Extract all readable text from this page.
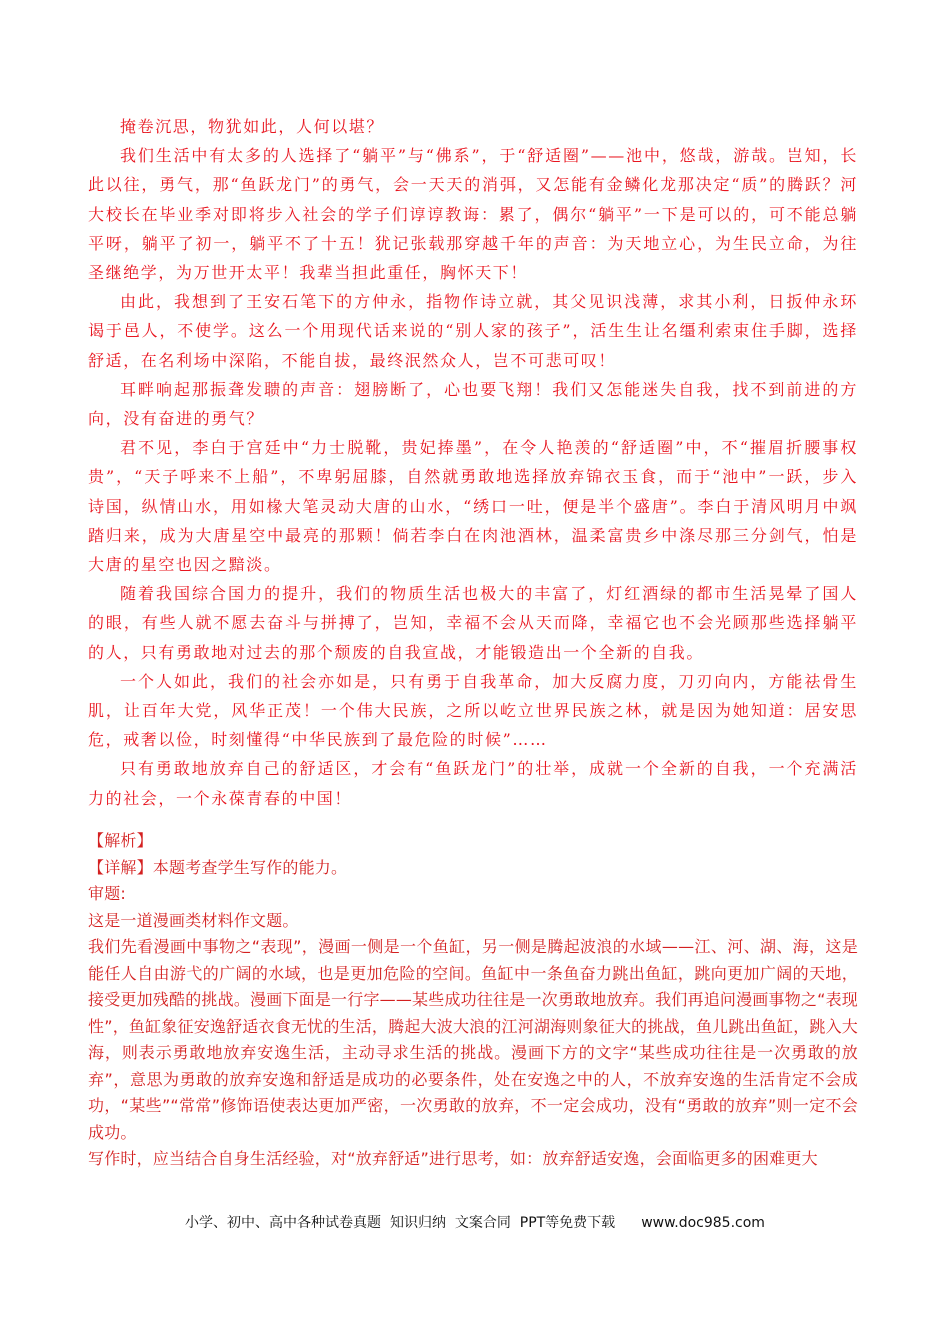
掩卷沉思，物犹如此，人何以堪？

我们生活中有太多的人选择了“躺平”与“佛系”，于“舒适圈”——池中，悠哉，游哉。岂知，长此以往，勇气，那“鱼跃龙门”的勇气，会一天天的消弭，又怎能有金鳞化龙那决定“质”的腾跃？河大校长在毕业季对即将步入社会的学子们谆谆教诲：累了，偶尔“躺平”一下是可以的，可不能总躺平呀，躺平了初一，躺平不了十五！犹记张载那穿越千年的声音：为天地立心，为生民立命，为往圣继绝学，为万世开太平！我辈当担此重任，胸怀天下！

由此，我想到了王安石笔下的方仲永，指物作诗立就，其父见识浅薄，求其小利，日扳仲永环谒于邑人，不使学。这么一个用现代话来说的“别人家的孩子”，活生生让名缰利索束住手脚，选择舒适，在名利场中深陷，不能自拔，最终泯然众人，岂不可悲可叹！

耳畔响起那振聋发聩的声音：翅膀断了，心也要飞翔！我们又怎能迷失自我，找不到前进的方向，没有奋进的勇气？

君不见，李白于宫廷中“力士脱靴，贵妃捧墨”，在令人艳羡的“舒适圈”中，不“摧眉折腰事权贵”，“天子呼来不上船”，不卑躬屈膝，自然就勇敢地选择放弃锦衣玉食，而于“池中”一跃，步入诗国，纵情山水，用如椽大笔灵动大唐的山水，“绣口一吐，便是半个盛唐”。李白于清风明月中飒踏归来，成为大唐星空中最亮的那颗！倘若李白在肉池酒林，温柔富贵乡中涤尽那三分剑气，怕是大唐的星空也因之黯淡。

随着我国综合国力的提升，我们的物质生活也极大的丰富了，灯红酒绿的都市生活晃晕了国人的眼，有些人就不愿去奋斗与拼搏了，岂知，幸福不会从天而降，幸福它也不会光顾那些选择躺平的人，只有勇敢地对过去的那个颓废的自我宣战，才能锻造出一个全新的自我。

一个人如此，我们的社会亦如是，只有勇于自我革命，加大反腐力度，刀刃向内，方能祛骨生肌，让百年大党，风华正茂！一个伟大民族，之所以屹立世界民族之林，就是因为她知道：居安思危，戒奢以俭，时刻懂得“中华民族到了最危险的时候”……

只有勇敢地放弃自己的舒适区，才会有“鱼跃龙门”的壮举，成就一个全新的自我，一个充满活力的社会，一个永葆青春的中国！

【解析】

【详解】本题考查学生写作的能力。

审题:

这是一道漫画类材料作文题。

我们先看漫画中事物之“表现”，漫画一侧是一个鱼缸，另一侧是腾起波浪的水域——江、河、湖、海，这是能任人自由游弋的广阔的水域，也是更加危险的空间。鱼缸中一条鱼奋力跳出鱼缸，跳向更加广阔的天地，接受更加残酷的挑战。漫画下面是一行字——某些成功往往是一次勇敢地放弃。我们再追问漫画事物之“表现性”，鱼缸象征安逸舒适衣食无忧的生活，腾起大波大浪的江河湖海则象征大的挑战，鱼儿跳出鱼缸，跳入大海，则表示勇敢地放弃安逸生活，主动寻求生活的挑战。漫画下方的文字“某些成功往往是一次勇敢的放弃”，意思为勇敢的放弃安逸和舒适是成功的必要条件，处在安逸之中的人，不放弃安逸的生活肯定不会成功，“某些”“常常”修饰语使表达更加严密，一次勇敢的放弃，不一定会成功，没有“勇敢的放弃”则一定不会成功。

写作时，应当结合自身生活经验，对“放弃舒适”进行思考，如：放弃舒适安逸，会面临更多的困难更大

小学、初中、高中各种试卷真题  知识归纳  文案合同  PPT等免费下载 www.doc985.com
